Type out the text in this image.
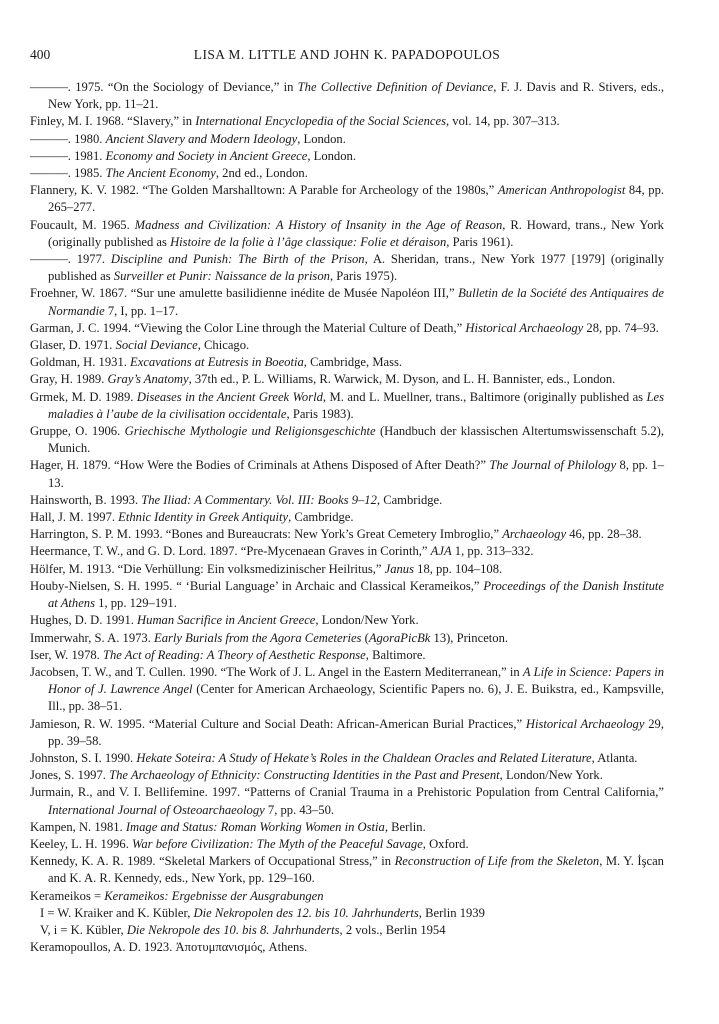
400	LISA M. LITTLE AND JOHN K. PAPADOPOULOS

———. 1975. “On the Sociology of Deviance,” in The Collective Definition of Deviance, F. J. Davis and R. Stivers, eds., New York, pp. 11–21.

Finley, M. I. 1968. “Slavery,” in International Encyclopedia of the Social Sciences, vol. 14, pp. 307–313.

———. 1980. Ancient Slavery and Modern Ideology, London.

———. 1981. Economy and Society in Ancient Greece, London.

———. 1985. The Ancient Economy, 2nd ed., London.

Flannery, K. V. 1982. “The Golden Marshalltown: A Parable for Archeology of the 1980s,” American Anthropologist 84, pp. 265–277.

Foucault, M. 1965. Madness and Civilization: A History of Insanity in the Age of Reason, R. Howard, trans., New York (originally published as Histoire de la folie à l’âge classique: Folie et déraison, Paris 1961).

———. 1977. Discipline and Punish: The Birth of the Prison, A. Sheridan, trans., New York 1977 [1979] (originally published as Surveiller et Punir: Naissance de la prison, Paris 1975).

Froehner, W. 1867. “Sur une amulette basilidienne inédite de Musée Napoléon III,” Bulletin de la Société des Antiquaires de Normandie 7, I, pp. 1–17.

Garman, J. C. 1994. “Viewing the Color Line through the Material Culture of Death,” Historical Archaeology 28, pp. 74–93.

Glaser, D. 1971. Social Deviance, Chicago.

Goldman, H. 1931. Excavations at Eutresis in Boeotia, Cambridge, Mass.

Gray, H. 1989. Gray’s Anatomy, 37th ed., P. L. Williams, R. Warwick, M. Dyson, and L. H. Bannister, eds., London.

Grmek, M. D. 1989. Diseases in the Ancient Greek World, M. and L. Muellner, trans., Baltimore (originally published as Les maladies à l’aube de la civilisation occidentale, Paris 1983).

Gruppe, O. 1906. Griechische Mythologie und Religionsgeschichte (Handbuch der klassischen Altertumswissenschaft 5.2), Munich.

Hager, H. 1879. “How Were the Bodies of Criminals at Athens Disposed of After Death?” The Journal of Philology 8, pp. 1–13.

Hainsworth, B. 1993. The Iliad: A Commentary. Vol. III: Books 9–12, Cambridge.

Hall, J. M. 1997. Ethnic Identity in Greek Antiquity, Cambridge.

Harrington, S. P. M. 1993. “Bones and Bureaucrats: New York’s Great Cemetery Imbroglio,” Archaeology 46, pp. 28–38.

Heermance, T. W., and G. D. Lord. 1897. “Pre-Mycenaean Graves in Corinth,” AJA 1, pp. 313–332.

Hölfer, M. 1913. “Die Verhüllung: Ein volksmedizinischer Heilritus,” Janus 18, pp. 104–108.

Houby-Nielsen, S. H. 1995. “ ‘Burial Language’ in Archaic and Classical Kerameikos,” Proceedings of the Danish Institute at Athens 1, pp. 129–191.

Hughes, D. D. 1991. Human Sacrifice in Ancient Greece, London/New York.

Immerwahr, S. A. 1973. Early Burials from the Agora Cemeteries (AgoraPicBk 13), Princeton.

Iser, W. 1978. The Act of Reading: A Theory of Aesthetic Response, Baltimore.

Jacobsen, T. W., and T. Cullen. 1990. “The Work of J. L. Angel in the Eastern Mediterranean,” in A Life in Science: Papers in Honor of J. Lawrence Angel (Center for American Archaeology, Scientific Papers no. 6), J. E. Buikstra, ed., Kampsville, Ill., pp. 38–51.

Jamieson, R. W. 1995. “Material Culture and Social Death: African-American Burial Practices,” Historical Archaeology 29, pp. 39–58.

Johnston, S. I. 1990. Hekate Soteira: A Study of Hekate’s Roles in the Chaldean Oracles and Related Literature, Atlanta.

Jones, S. 1997. The Archaeology of Ethnicity: Constructing Identities in the Past and Present, London/New York.

Jurmain, R., and V. I. Bellifemine. 1997. “Patterns of Cranial Trauma in a Prehistoric Population from Central California,” International Journal of Osteoarchaeology 7, pp. 43–50.

Kampen, N. 1981. Image and Status: Roman Working Women in Ostia, Berlin.

Keeley, L. H. 1996. War before Civilization: The Myth of the Peaceful Savage, Oxford.

Kennedy, K. A. R. 1989. “Skeletal Markers of Occupational Stress,” in Reconstruction of Life from the Skeleton, M. Y. İşcan and K. A. R. Kennedy, eds., New York, pp. 129–160.

Kerameikos = Kerameikos: Ergebnisse der Ausgrabungen

I = W. Kraiker and K. Kübler, Die Nekropolen des 12. bis 10. Jahrhunderts, Berlin 1939

V, i = K. Kübler, Die Nekropole des 10. bis 8. Jahrhunderts, 2 vols., Berlin 1954

Keramopoullos, A. D. 1923. Ἀποτυμπανισμός, Athens.
